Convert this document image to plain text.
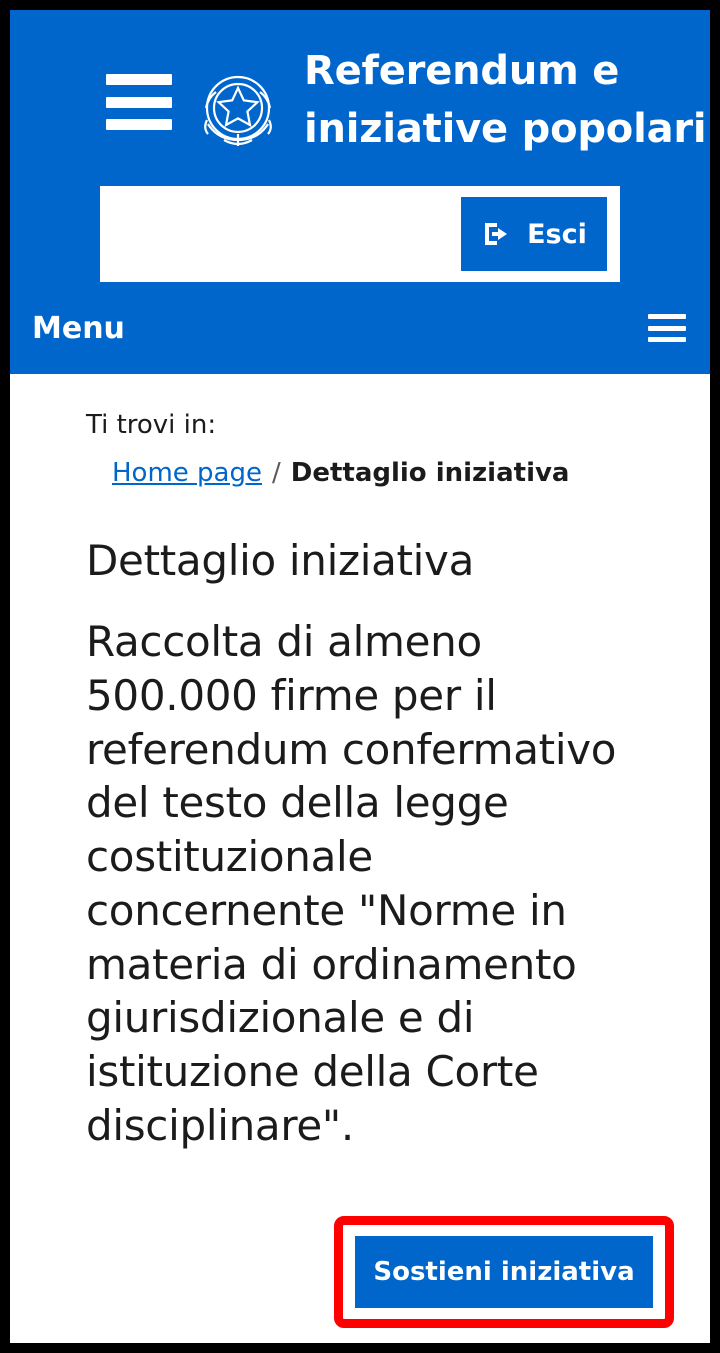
Referendum e iniziative popolari
Esci
Menu
Ti trovi in:
Home page / Dettaglio iniziativa
Dettaglio iniziativa
Raccolta di almeno 500.000 firme per il referendum confermativo del testo della legge costituzionale concernente "Norme in materia di ordinamento giurisdizionale e di istituzione della Corte disciplinare".
Sostieni iniziativa
